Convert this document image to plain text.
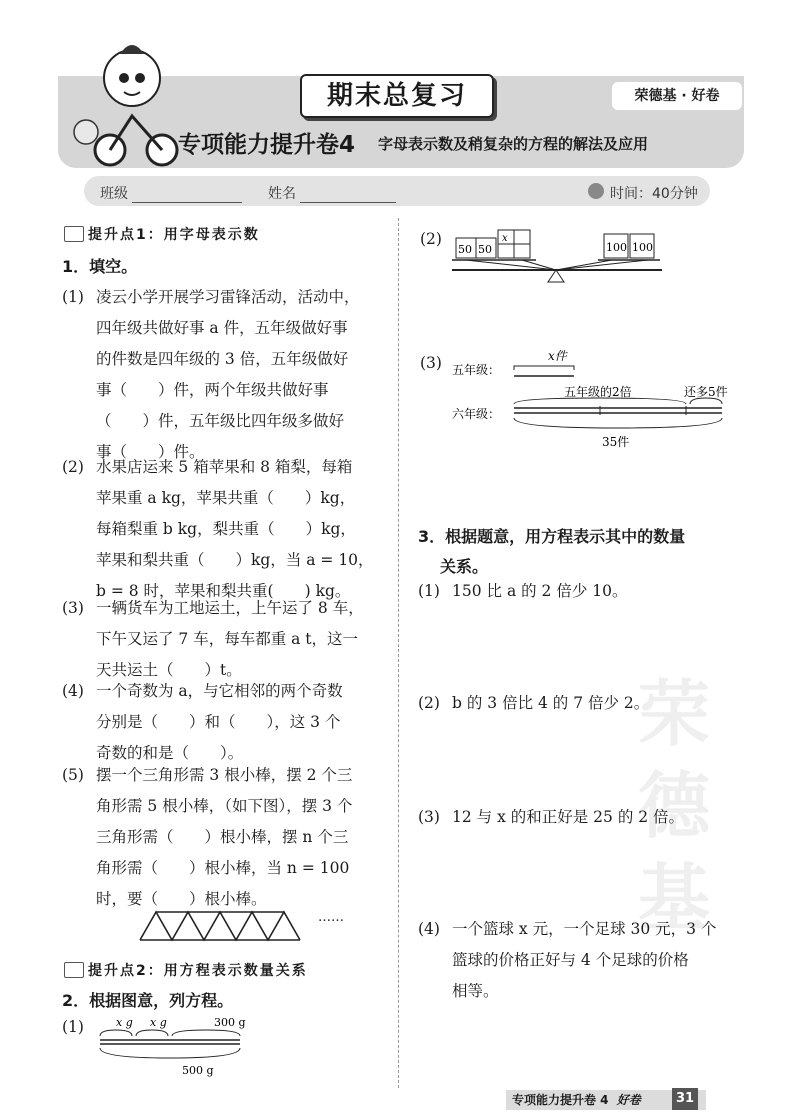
期末总复习	荣德基 · 好卷
专项能力提升卷4 字母表示数及稍复杂的方程的解法及应用
班级	姓名	时间：40分钟
提升点1：用字母表示数
1．填空。
(1) 凌云小学开展学习雷锋活动，活动中，
四年级共做好事 a 件，五年级做好事
的件数是四年级的 3 倍，五年级做好
事（　　）件，两个年级共做好事
（　　）件，五年级比四年级多做好
事（　　）件。
(2) 水果店运来 5 箱苹果和 8 箱梨，每箱
苹果重 a kg，苹果共重（　　）kg，
每箱梨重 b kg，梨共重（　　）kg，
苹果和梨共重（　　）kg，当 a = 10，
b = 8 时，苹果和梨共重(　　) kg。
(3) 一辆货车为工地运土，上午运了 8 车，
下午又运了 7 车，每车都重 a t，这一
天共运土（　　）t。
(4) 一个奇数为 a，与它相邻的两个奇数
分别是（　　）和（　　），这 3 个
奇数的和是（　　）。
(5) 摆一个三角形需 3 根小棒，摆 2 个三
角形需 5 根小棒，（如下图），摆 3 个
三角形需（　　）根小棒，摆 n 个三
角形需（　　）根小棒，当 n = 100
时，要（　　）根小棒。
……
提升点2：用方程表示数量关系
2．根据图意，列方程。
(1)	x g x g	300 g
500 g
(2)
50 50
x
100 100
(3) 五年级：
x件
五年级的2倍	还多5件
六年级：
35件
荣
德
基
3．根据题意，用方程表示其中的数量
关系。
(1) 150 比 a 的 2 倍少 10。
(2) b 的 3 倍比 4 的 7 倍少 2。
(3) 12 与 x 的和正好是 25 的 2 倍。
(4) 一个篮球 x 元，一个足球 30 元，3 个
篮球的价格正好与 4 个足球的价格
相等。
专项能力提升卷 4 好卷	31
